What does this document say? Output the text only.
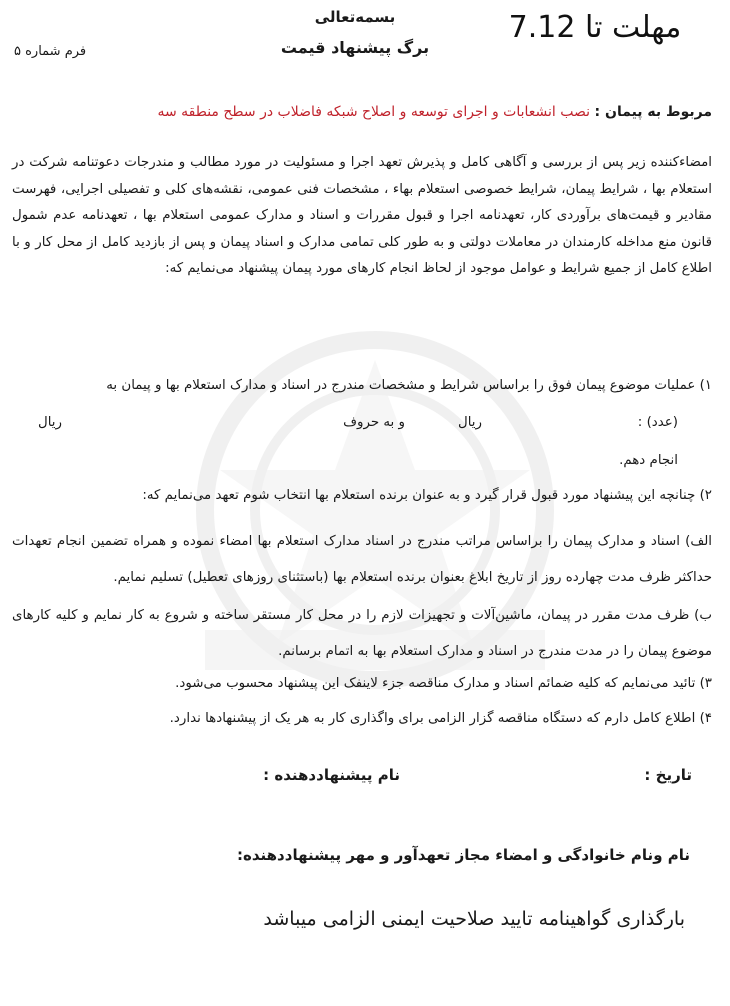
بسمه‌تعالی
برگ پیشنهاد قیمت
فرم شماره ۵
مهلت تا 7.12
مربوط به پیمان : نصب انشعابات و اجرای توسعه و اصلاح شبکه فاضلاب در سطح منطقه سه
امضاءکننده زیر پس از بررسی و آگاهی کامل و پذیرش تعهد اجرا و مسئولیت در مورد مطالب و مندرجات دعوتنامه شرکت در استعلام بها ، شرایط پیمان، شرایط خصوصی استعلام بهاء ، مشخصات فنی عمومی، نقشه‌های کلی و تفصیلی اجرایی، فهرست مقادیر و قیمت‌های برآوردی کار، تعهدنامه اجرا و قبول مقررات و اسناد و مدارک عمومی استعلام بها ، تعهدنامه عدم شمول قانون منع مداخله کارمندان در معاملات دولتی و به طور کلی تمامی مدارک و اسناد پیمان و پس از بازدید کامل از محل کار و با اطلاع کامل از جمیع شرایط و عوامل موجود از لحاظ انجام کارهای مورد پیمان پیشنهاد می‌نمایم که:
۱) عملیات موضوع پیمان فوق را براساس شرایط و مشخصات مندرج در اسناد و مدارک استعلام بها و پیمان به
(عدد) :
ریال
و به حروف
ریال
انجام دهم.
۲) چنانچه این پیشنهاد مورد قبول قرار گیرد و به عنوان برنده استعلام بها انتخاب شوم تعهد می‌نمایم که:
الف) اسناد و مدارک پیمان را براساس مراتب مندرج در اسناد مدارک استعلام بها امضاء نموده و همراه تضمین انجام تعهدات حداکثر ظرف مدت چهارده روز از تاریخ ابلاغ بعنوان برنده استعلام بها (باستثنای روزهای تعطیل) تسلیم نمایم.
ب) ظرف مدت مقرر در پیمان، ماشین‌آلات و تجهیزات لازم را در محل کار مستقر ساخته و شروع به کار نمایم و کلیه کارهای موضوع پیمان را در مدت مندرج در اسناد و مدارک استعلام بها به اتمام برسانم.
۳) تائید می‌نمایم که کلیه ضمائم اسناد و مدارک مناقصه جزء لاینفک این پیشنهاد محسوب می‌شود.
۴) اطلاع کامل دارم که دستگاه مناقصه گزار الزامی برای واگذاری کار به هر یک از پیشنهادها ندارد.
تاریخ :
نام پیشنهاددهنده :
نام ونام خانوادگی و امضاء مجاز تعهدآور و مهر پیشنهاددهنده:
بارگذاری گواهینامه تایید صلاحیت ایمنی الزامی میباشد
